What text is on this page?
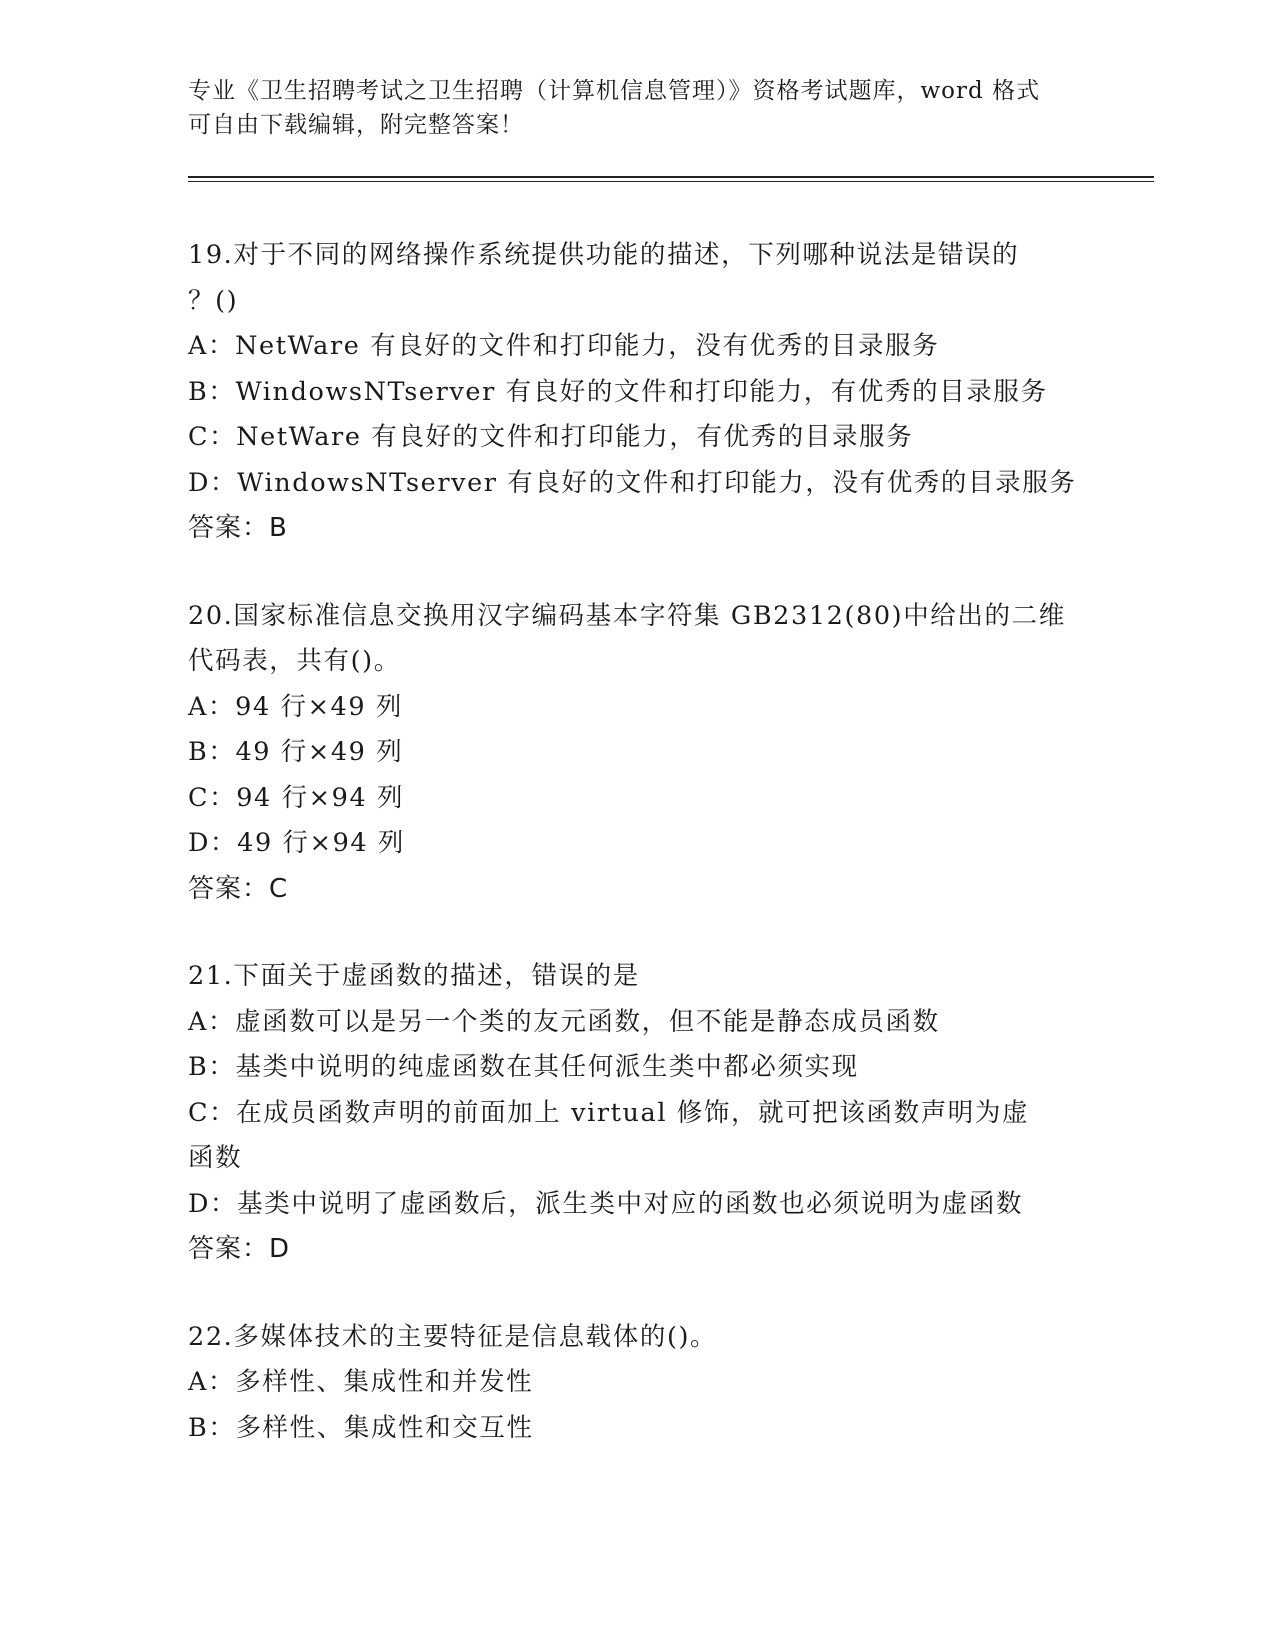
专业《卫生招聘考试之卫生招聘（计算机信息管理）》资格考试题库，word 格式
可自由下载编辑，附完整答案！
19.对于不同的网络操作系统提供功能的描述，下列哪种说法是错误的
？()
A：NetWare 有良好的文件和打印能力，没有优秀的目录服务
B：WindowsNTserver 有良好的文件和打印能力，有优秀的目录服务
C：NetWare 有良好的文件和打印能力，有优秀的目录服务
D：WindowsNTserver 有良好的文件和打印能力，没有优秀的目录服务
答案：B
20.国家标准信息交换用汉字编码基本字符集 GB2312(80)中给出的二维
代码表，共有()。
A：94 行×49 列
B：49 行×49 列
C：94 行×94 列
D：49 行×94 列
答案：C
21.下面关于虚函数的描述，错误的是
A：虚函数可以是另一个类的友元函数，但不能是静态成员函数
B：基类中说明的纯虚函数在其任何派生类中都必须实现
C：在成员函数声明的前面加上 virtual 修饰，就可把该函数声明为虚
函数
D：基类中说明了虚函数后，派生类中对应的函数也必须说明为虚函数
答案：D
22.多媒体技术的主要特征是信息载体的()。
A：多样性、集成性和并发性
B：多样性、集成性和交互性
